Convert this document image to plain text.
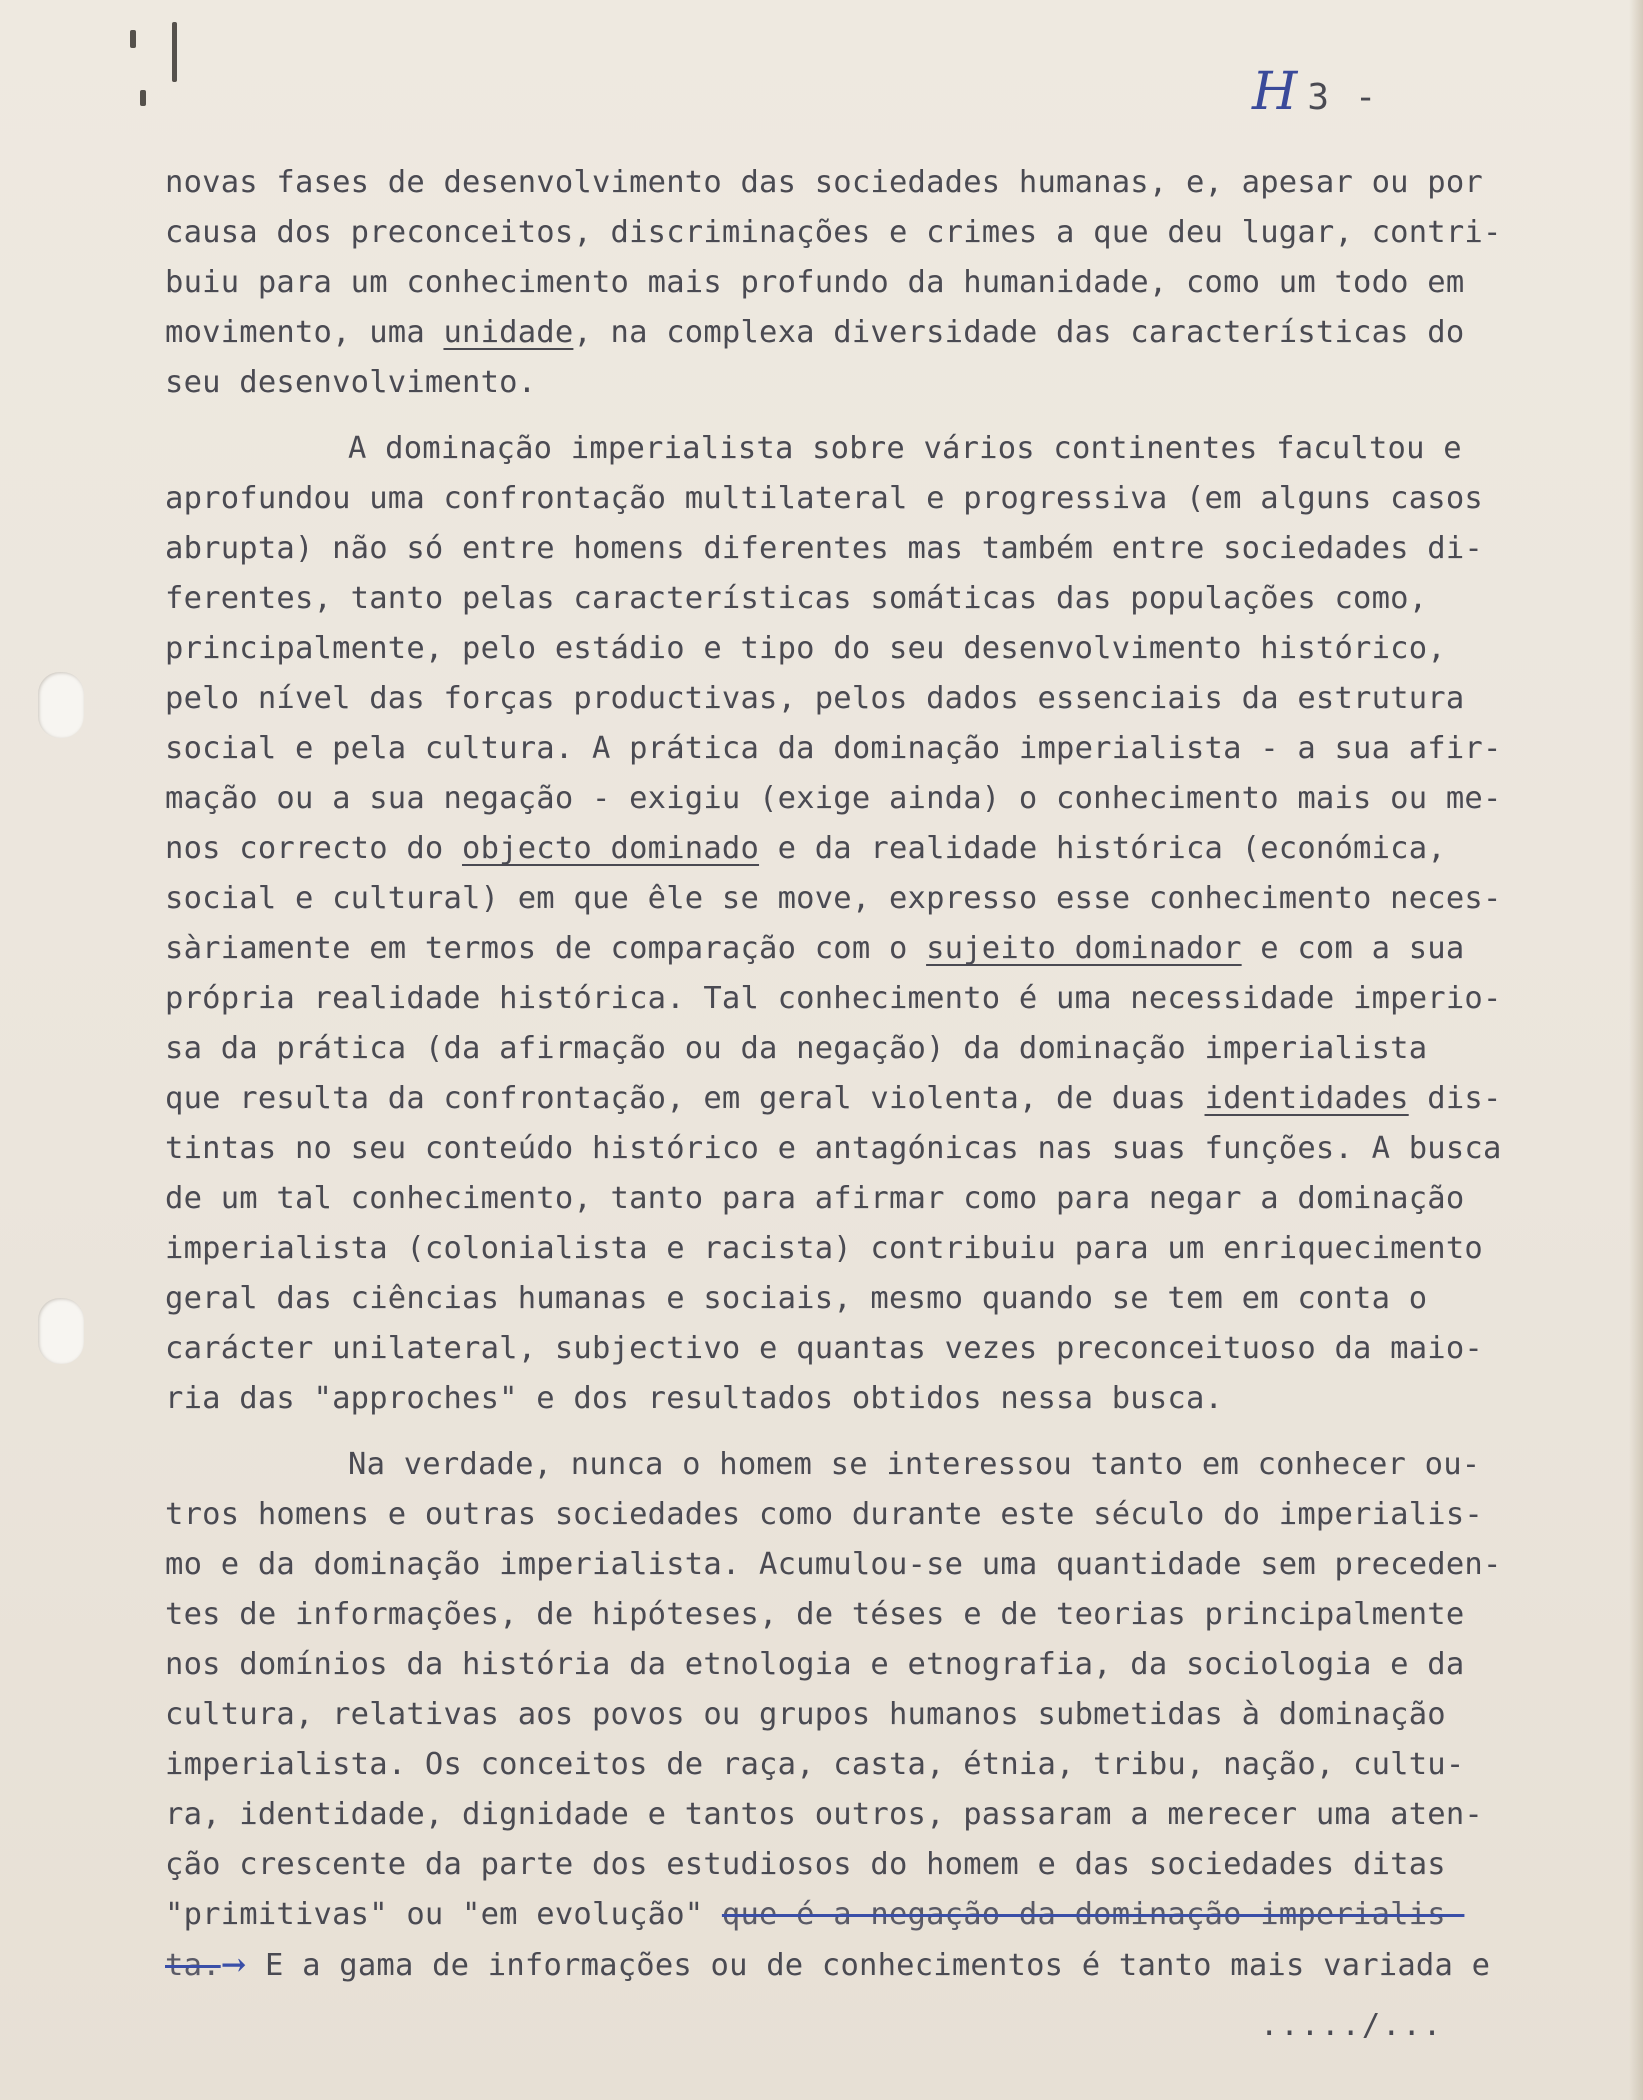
H 3 -
novas fases de desenvolvimento das sociedades humanas, e, apesar ou por
causa dos preconceitos, discriminações e crimes a que deu lugar, contri-
buiu para um conhecimento mais profundo da humanidade, como um todo em
movimento, uma unidade, na complexa diversidade das características do
seu desenvolvimento.
A dominação imperialista sobre vários continentes facultou e
aprofundou uma confrontação multilateral e progressiva (em alguns casos
abrupta) não só entre homens diferentes mas também entre sociedades di-
ferentes, tanto pelas características somáticas das populações como,
principalmente, pelo estádio e tipo do seu desenvolvimento histórico,
pelo nível das forças productivas, pelos dados essenciais da estrutura
social e pela cultura. A prática da dominação imperialista - a sua afir-
mação ou a sua negação - exigiu (exige ainda) o conhecimento mais ou me-
nos correcto do objecto dominado e da realidade histórica (económica,
social e cultural) em que êle se move, expresso esse conhecimento neces-
sàriamente em termos de comparação com o sujeito dominador e com a sua
própria realidade histórica. Tal conhecimento é uma necessidade imperio-
sa da prática (da afirmação ou da negação) da dominação imperialista
que resulta da confrontação, em geral violenta, de duas identidades dis-
tintas no seu conteúdo histórico e antagónicas nas suas funções. A busca
de um tal conhecimento, tanto para afirmar como para negar a dominação
imperialista (colonialista e racista) contribuiu para um enriquecimento
geral das ciências humanas e sociais, mesmo quando se tem em conta o
carácter unilateral, subjectivo e quantas vezes preconceituoso da maio-
ria das "approches" e dos resultados obtidos nessa busca.
Na verdade, nunca o homem se interessou tanto em conhecer ou-
tros homens e outras sociedades como durante este século do imperialis-
mo e da dominação imperialista. Acumulou-se uma quantidade sem preceden-
tes de informações, de hipóteses, de téses e de teorias principalmente
nos domínios da história da etnologia e etnografia, da sociologia e da
cultura, relativas aos povos ou grupos humanos submetidas à dominação
imperialista. Os conceitos de raça, casta, étnia, tribu, nação, cultu-
ra, identidade, dignidade e tantos outros, passaram a merecer uma aten-
ção crescente da parte dos estudiosos do homem e das sociedades ditas
"primitivas" ou "em evolução" que é a negação da dominação imperialis-
ta.→ E a gama de informações ou de conhecimentos é tanto mais variada e
...../...
